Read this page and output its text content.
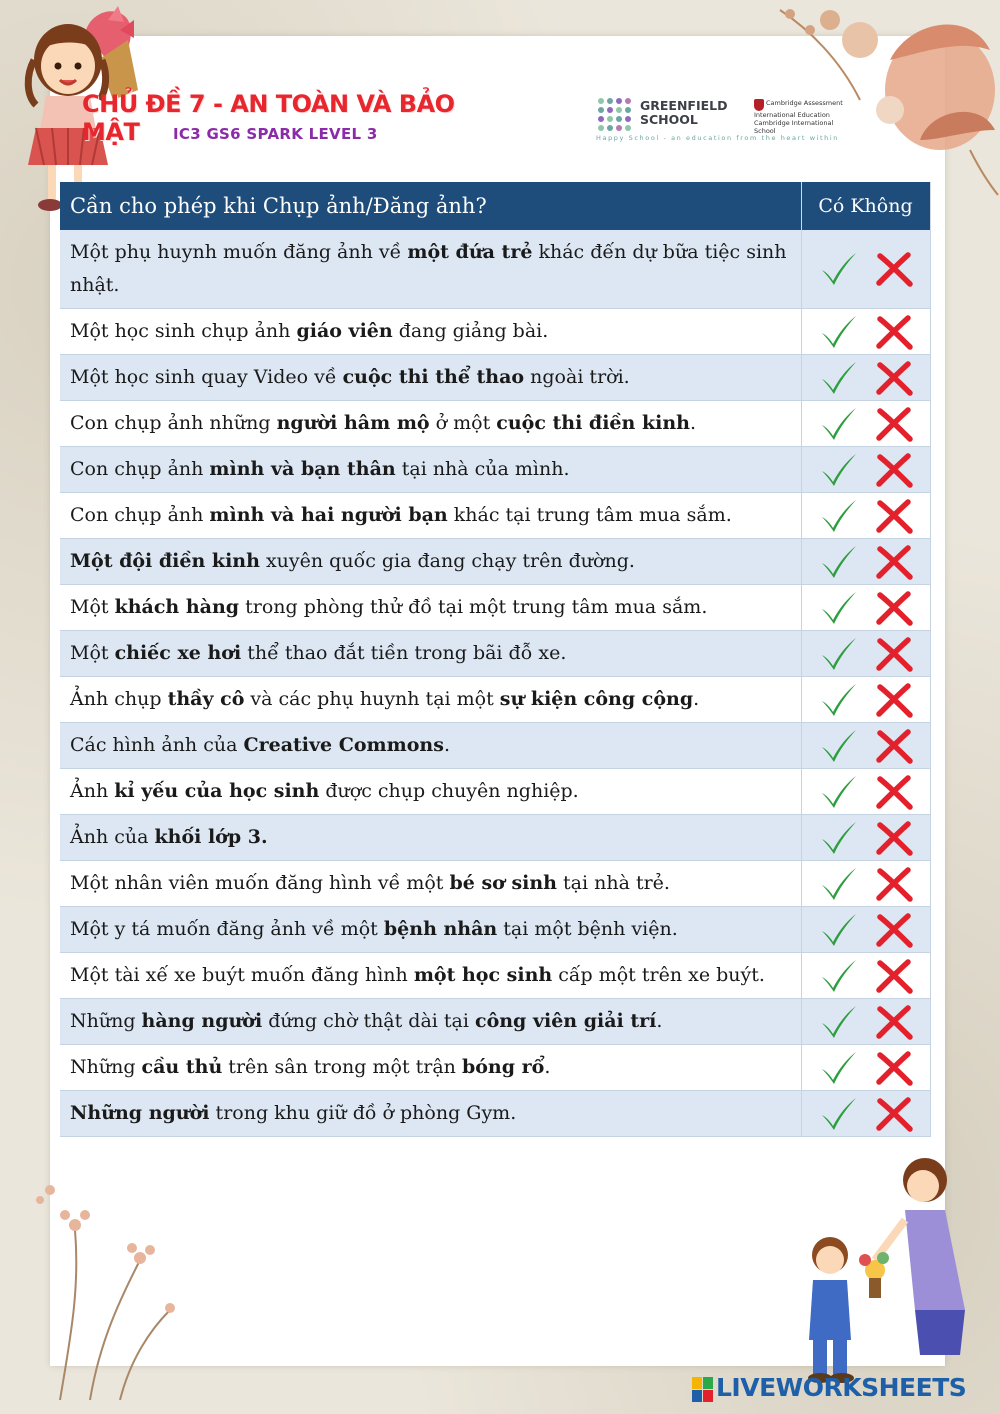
CHỦ ĐỀ 7 - AN TOÀN VÀ BẢO MẬT	IC3 GS6 SPARK LEVEL 3
GREENFIELD SCHOOL
Cambridge Assessment
International Education
Cambridge International School
Happy School - an education from the heart within
Cần cho phép khi Chụp ảnh/Đăng ảnh?	Có Không
Một phụ huynh muốn đăng ảnh về một đứa trẻ khác đến dự bữa tiệc sinh nhật.	

Một học sinh chụp ảnh giáo viên đang giảng bài.	

Một học sinh quay Video về cuộc thi thể thao ngoài trời.	

Con chụp ảnh những người hâm mộ ở một cuộc thi điền kinh.	

Con chụp ảnh mình và bạn thân tại nhà của mình.	

Con chụp ảnh mình và hai người bạn khác tại trung tâm mua sắm.	

Một đội điền kinh xuyên quốc gia đang chạy trên đường.	

Một khách hàng trong phòng thử đồ tại một trung tâm mua sắm.	

Một chiếc xe hơi thể thao đắt tiền trong bãi đỗ xe.	

Ảnh chụp thầy cô và các phụ huynh tại một sự kiện công cộng.	

Các hình ảnh của Creative Commons.	

Ảnh kỉ yếu của học sinh được chụp chuyên nghiệp.	

Ảnh của khối lớp 3.	

Một nhân viên muốn đăng hình về một bé sơ sinh tại nhà trẻ.	

Một y tá muốn đăng ảnh về một bệnh nhân tại một bệnh viện.	

Một tài xế xe buýt muốn đăng hình một học sinh cấp một trên xe buýt.	

Những hàng người đứng chờ thật dài tại công viên giải trí.	

Những cầu thủ trên sân trong một trận bóng rổ.	

Những người trong khu giữ đồ ở phòng Gym.	
LIVEWORKSHEETS
